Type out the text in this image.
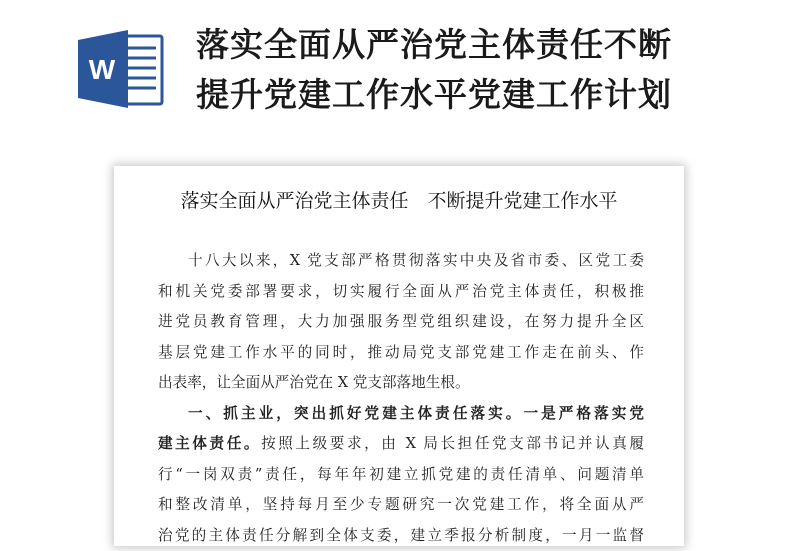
W
落实全面从严治党主体责任不断
提升党建工作水平党建工作计划
落实全面从严治党主体责任　不断提升党建工作水平
十八大以来，X 党支部严格贯彻落实中央及省市委、区党工委
和机关党委部署要求，切实履行全面从严治党主体责任，积极推
进党员教育管理，大力加强服务型党组织建设，在努力提升全区
基层党建工作水平的同时，推动局党支部党建工作走在前头、作
出表率，让全面从严治党在 X 党支部落地生根。
一、抓主业，突出抓好党建主体责任落实。一是严格落实党
建主体责任。按照上级要求，由 X 局长担任党支部书记并认真履
行“一岗双责”责任，每年年初建立抓党建的责任清单、问题清单
和整改清单，坚持每月至少专题研究一次党建工作，将全面从严
治党的主体责任分解到全体支委，建立季报分析制度，一月一监督
